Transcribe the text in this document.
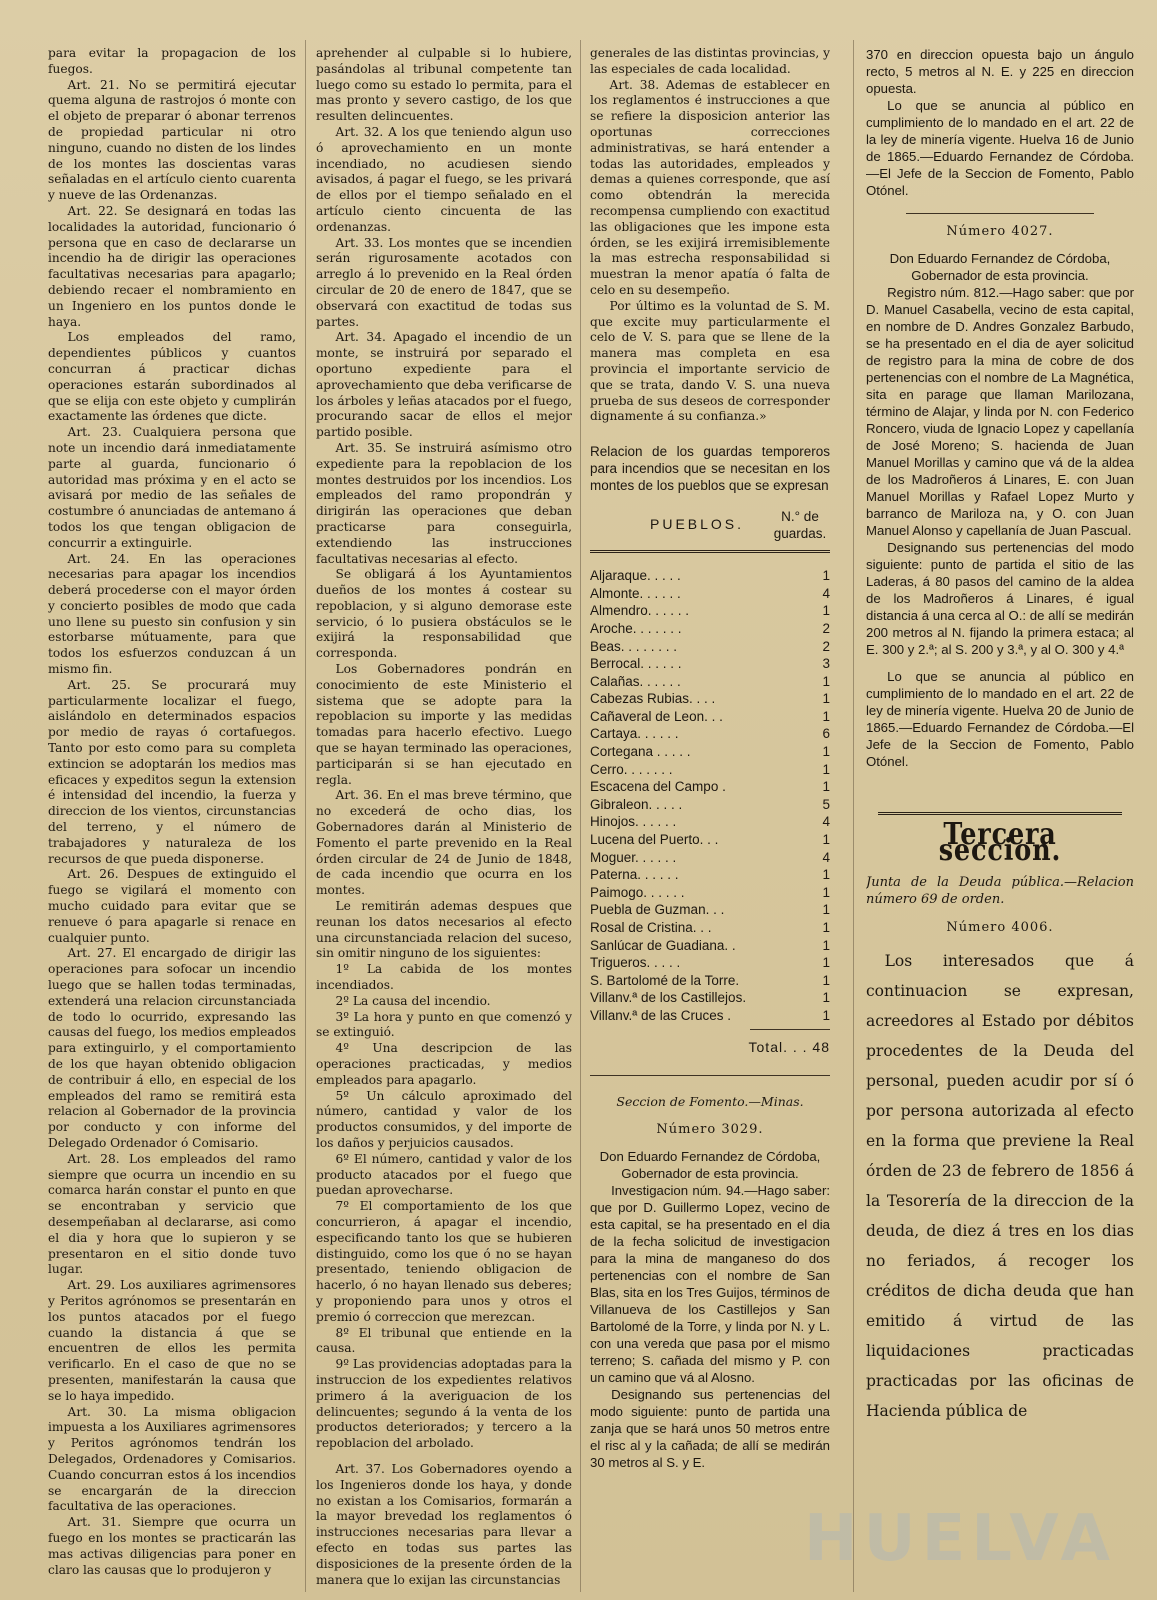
para evitar la propagacion de los fuegos.

Art. 21. No se permitirá ejecutar quema alguna de rastrojos ó monte con el objeto de preparar ó abonar terrenos de propiedad particular ni otro ninguno, cuando no disten de los lindes de los montes las doscientas varas señaladas en el artículo ciento cuarenta y nueve de las Ordenanzas.

Art. 22. Se designará en todas las localidades la autoridad, funcionario ó persona que en caso de declararse un incendio ha de dirigir las operaciones facultativas necesarias para apagarlo; debiendo recaer el nombramiento en un Ingeniero en los puntos donde le haya.

Los empleados del ramo, dependientes públicos y cuantos concurran á practicar dichas operaciones estarán subordinados al que se elija con este objeto y cumplirán exactamente las órdenes que dicte.

Art. 23. Cualquiera persona que note un incendio dará inmediatamente parte al guarda, funcionario ó autoridad mas próxima y en el acto se avisará por medio de las señales de costumbre ó anunciadas de antemano á todos los que tengan obligacion de concurrir a extinguirle.

Art. 24. En las operaciones necesarias para apagar los incendios deberá procederse con el mayor órden y concierto posibles de modo que cada uno llene su puesto sin confusion y sin estorbarse mútuamente, para que todos los esfuerzos conduzcan á un mismo fin.

Art. 25. Se procurará muy particularmente localizar el fuego, aislándolo en determinados espacios por medio de rayas ó cortafuegos. Tanto por esto como para su completa extincion se adoptarán los medios mas eficaces y expeditos segun la extension é intensidad del incendio, la fuerza y direccion de los vientos, circunstancias del terreno, y el número de trabajadores y naturaleza de los recursos de que pueda disponerse.

Art. 26. Despues de extinguido el fuego se vigilará el momento con mucho cuidado para evitar que se renueve ó para apagarle si renace en cualquier punto.

Art. 27. El encargado de dirigir las operaciones para sofocar un incendio luego que se hallen todas terminadas, extenderá una relacion circunstanciada de todo lo ocurrido, expresando las causas del fuego, los medios empleados para extinguirlo, y el comportamiento de los que hayan obtenido obligacion de contribuir á ello, en especial de los empleados del ramo se remitirá esta relacion al Gobernador de la provincia por conducto y con informe del Delegado Ordenador ó Comisario.

Art. 28. Los empleados del ramo siempre que ocurra un incendio en su comarca harán constar el punto en que se encontraban y servicio que desempeñaban al declararse, asi como el dia y hora que lo supieron y se presentaron en el sitio donde tuvo lugar.

Art. 29. Los auxiliares agrimensores y Peritos agrónomos se presentarán en los puntos atacados por el fuego cuando la distancia á que se encuentren de ellos les permita verificarlo. En el caso de que no se presenten, manifestarán la causa que se lo haya impedido.

Art. 30. La misma obligacion impuesta a los Auxiliares agrimensores y Peritos agrónomos tendrán los Delegados, Ordenadores y Comisarios. Cuando concurran estos á los incendios se encargarán de la direccion facultativa de las operaciones.

Art. 31. Siempre que ocurra un fuego en los montes se practicarán las mas activas diligencias para poner en claro las causas que lo produjeron y

aprehender al culpable si lo hubiere, pasándolas al tribunal competente tan luego como su estado lo permita, para el mas pronto y severo castigo, de los que resulten delincuentes.

Art. 32. A los que teniendo algun uso ó aprovechamiento en un monte incendiado, no acudiesen siendo avisados, á pagar el fuego, se les privará de ellos por el tiempo señalado en el artículo ciento cincuenta de las ordenanzas.

Art. 33. Los montes que se incendien serán rigurosamente acotados con arreglo á lo prevenido en la Real órden circular de 20 de enero de 1847, que se observará con exactitud de todas sus partes.

Art. 34. Apagado el incendio de un monte, se instruirá por separado el oportuno expediente para el aprovechamiento que deba verificarse de los árboles y leñas atacados por el fuego, procurando sacar de ellos el mejor partido posible.

Art. 35. Se instruirá asímismo otro expediente para la repoblacion de los montes destruidos por los incendios. Los empleados del ramo propondrán y dirigirán las operaciones que deban practicarse para conseguirla, extendiendo las instrucciones facultativas necesarias al efecto.

Se obligará á los Ayuntamientos dueños de los montes á costear su repoblacion, y si alguno demorase este servicio, ó lo pusiera obstáculos se le exijirá la responsabilidad que corresponda.

Los Gobernadores pondrán en conocimiento de este Ministerio el sistema que se adopte para la repoblacion su importe y las medidas tomadas para hacerlo efectivo. Luego que se hayan terminado las operaciones, participarán si se han ejecutado en regla.

Art. 36. En el mas breve término, que no excederá de ocho dias, los Gobernadores darán al Ministerio de Fomento el parte prevenido en la Real órden circular de 24 de Junio de 1848, de cada incendio que ocurra en los montes.

Le remitirán ademas despues que reunan los datos necesarios al efecto una circunstanciada relacion del suceso, sin omitir ninguno de los siguientes:

1º La cabida de los montes incendiados.

2º La causa del incendio.

3º La hora y punto en que comenzó y se extinguió.

4º Una descripcion de las operaciones practicadas, y medios empleados para apagarlo.

5º Un cálculo aproximado del número, cantidad y valor de los productos consumidos, y del importe de los daños y perjuicios causados.

6º El número, cantidad y valor de los producto atacados por el fuego que puedan aprovecharse.

7º El comportamiento de los que concurrieron, á apagar el incendio, especificando tanto los que se hubieren distinguido, como los que ó no se hayan presentado, teniendo obligacion de hacerlo, ó no hayan llenado sus deberes; y proponiendo para unos y otros el premio ó correccion que merezcan.

8º El tribunal que entiende en la causa.

9º Las providencias adoptadas para la instruccion de los expedientes relativos primero á la averiguacion de los delincuentes; segundo á la venta de los productos deteriorados; y tercero a la repoblacion del arbolado.

Art. 37. Los Gobernadores oyendo a los Ingenieros donde los haya, y donde no existan a los Comisarios, formarán a la mayor brevedad los reglamentos ó instrucciones necesarias para llevar a efecto en todas sus partes las disposiciones de la presente órden de la manera que lo exijan las circunstancias

generales de las distintas provincias, y las especiales de cada localidad.

Art. 38. Ademas de establecer en los reglamentos é instrucciones a que se refiere la disposicion anterior las oportunas correcciones administrativas, se hará entender a todas las autoridades, empleados y demas a quienes corresponde, que así como obtendrán la merecida recompensa cumpliendo con exactitud las obligaciones que les impone esta órden, se les exijirá irremisiblemente la mas estrecha responsabilidad si muestran la menor apatía ó falta de celo en su desempeño.

Por último es la voluntad de S. M. que excite muy particularmente el celo de V. S. para que se llene de la manera mas completa en esa provincia el importante servicio de que se trata, dando V. S. una nueva prueba de sus deseos de corresponder dignamente á su confianza.»

Relacion de los guardas temporeros para incendios que se necesitan en los montes de los pueblos que se expresan

PUEBLOS.	N.° de guardas.
Aljaraque. . . . .	1
Almonte. . . . . .	4
Almendro. . . . . .	1
Aroche. . . . . . .	2
Beas. . . . . . . .	2
Berrocal. . . . . .	3
Calañas. . . . . .	1
Cabezas Rubias. . . .	1
Cañaveral de Leon. . .	1
Cartaya. . . . . .	6
Cortegana . . . . .	1
Cerro. . . . . . .	1
Escacena del Campo .	1
Gibraleon. . . . .	5
Hinojos. . . . . .	4
Lucena del Puerto. . .	1
Moguer. . . . . .	4
Paterna. . . . . .	1
Paimogo. . . . . .	1
Puebla de Guzman. . .	1
Rosal de Cristina. . .	1
Sanlúcar de Guadiana. .	1
Trigueros. . . . .	1
S. Bartolomé de la Torre.	1
Villanv.ª de los Castillejos.	1
Villanv.ª de las Cruces .	1
Total. . . 48
Seccion de Fomento.—Minas.
Número 3029.

Don Eduardo Fernandez de Córdoba, Gobernador de esta provincia.

Investigacion núm. 94.—Hago saber: que por D. Guillermo Lopez, vecino de esta capital, se ha presentado en el dia de la fecha solicitud de investigacion para la mina de manganeso do dos pertenencias con el nombre de San Blas, sita en los Tres Guijos, términos de Villanueva de los Castillejos y San Bartolomé de la Torre, y linda por N. y L. con una vereda que pasa por el mismo terreno; S. cañada del mismo y P. con un camino que vá al Alosno.

Designando sus pertenencias del modo siguiente: punto de partida una zanja que se hará unos 50 metros entre el risc al y la cañada; de allí se medirán 30 metros al S. y E.

370 en direccion opuesta bajo un ángulo recto, 5 metros al N. E. y 225 en direccion opuesta.

Lo que se anuncia al público en cumplimiento de lo mandado en el art. 22 de la ley de minería vigente. Huelva 16 de Junio de 1865.—Eduardo Fernandez de Córdoba.—El Jefe de la Seccion de Fomento, Pablo Otónel.

Número 4027.

Don Eduardo Fernandez de Córdoba, Gobernador de esta provincia.

Registro núm. 812.—Hago saber: que por D. Manuel Casabella, vecino de esta capital, en nombre de D. Andres Gonzalez Barbudo, se ha presentado en el dia de ayer solicitud de registro para la mina de cobre de dos pertenencias con el nombre de La Magnética, sita en parage que llaman Marilozana, término de Alajar, y linda por N. con Federico Roncero, viuda de Ignacio Lopez y capellanía de José Moreno; S. hacienda de Juan Manuel Morillas y camino que vá de la aldea de los Madroñeros á Linares, E. con Juan Manuel Morillas y Rafael Lopez Murto y barranco de Mariloza na, y O. con Juan Manuel Alonso y capellanía de Juan Pascual.

Designando sus pertenencias del modo siguiente: punto de partida el sitio de las Laderas, á 80 pasos del camino de la aldea de los Madroñeros á Linares, é igual distancia á una cerca al O.: de allí se medirán 200 metros al N. fijando la primera estaca; al E. 300 y 2.ª; al S. 200 y 3.ª, y al O. 300 y 4.ª

Lo que se anuncia al público en cumplimiento de lo mandado en el art. 22 de ley de minería vigente. Huelva 20 de Junio de 1865.—Eduardo Fernandez de Córdoba.—El Jefe de la Seccion de Fomento, Pablo Otónel.

Tercera seccion.

Junta de la Deuda pública.—Relacion número 69 de orden.

Número 4006.

Los interesados que á continuacion se expresan, acreedores al Estado por débitos procedentes de la Deuda del personal, pueden acudir por sí ó por persona autorizada al efecto en la forma que previene la Real órden de 23 de febrero de 1856 á la Tesorería de la direccion de la deuda, de diez á tres en los dias no feriados, á recoger los créditos de dicha deuda que han emitido á virtud de las liquidaciones practicadas practicadas por las oficinas de Hacienda pública de

HUELVA
